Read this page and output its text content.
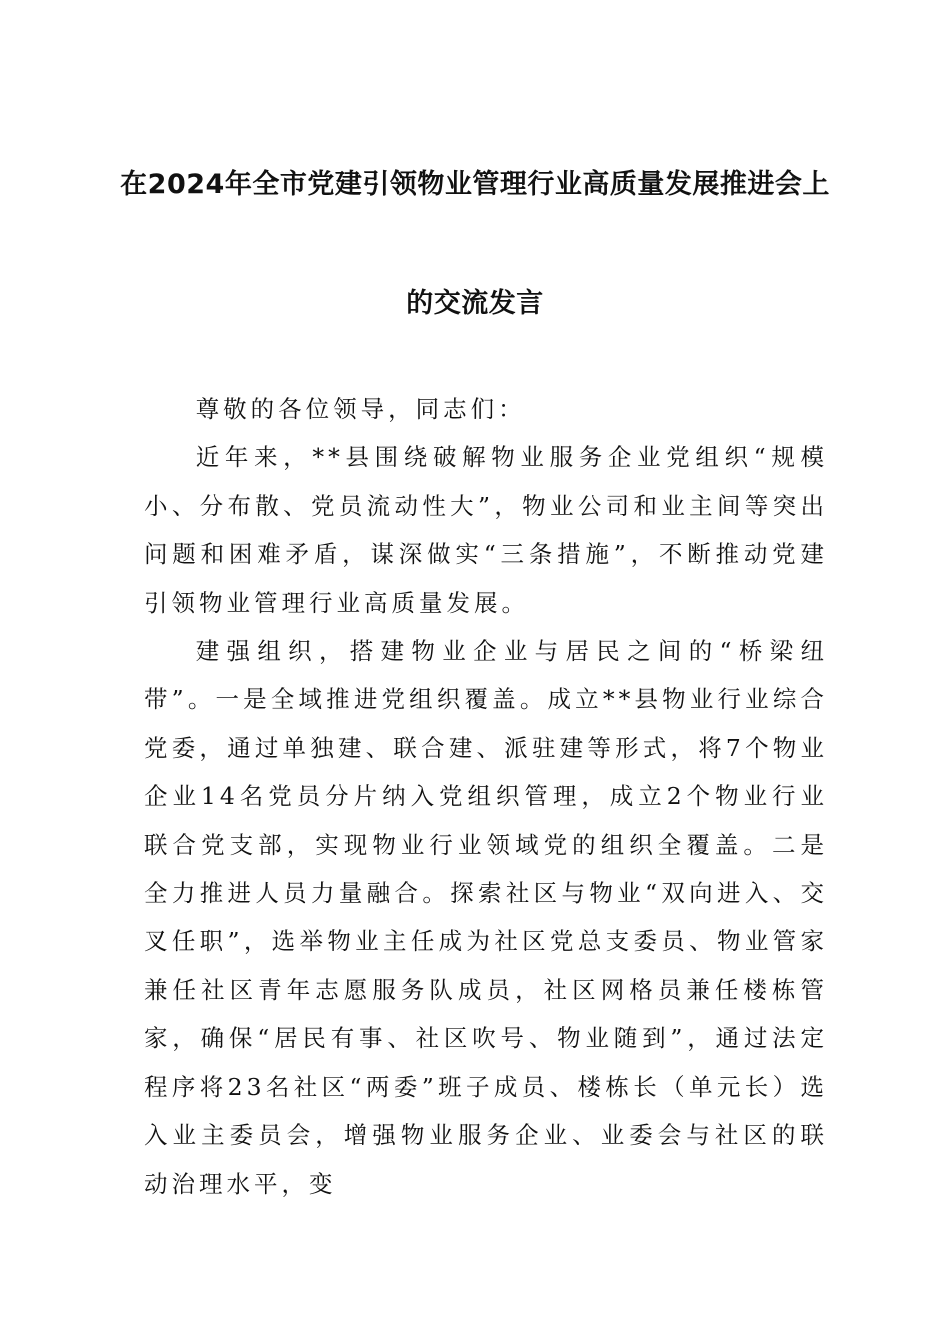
在2024年全市党建引领物业管理行业高质量发展推进会上
的交流发言

尊敬的各位领导，同志们：

近年来，**县围绕破解物业服务企业党组织“规模小、分布散、党员流动性大”，物业公司和业主间等突出问题和困难矛盾，谋深做实“三条措施”，不断推动党建引领物业管理行业高质量发展。

建强组织，搭建物业企业与居民之间的“桥梁纽带”。一是全域推进党组织覆盖。成立**县物业行业综合党委，通过单独建、联合建、派驻建等形式，将7个物业企业14名党员分片纳入党组织管理，成立2个物业行业联合党支部，实现物业行业领域党的组织全覆盖。二是全力推进人员力量融合。探索社区与物业“双向进入、交叉任职”，选举物业主任成为社区党总支委员、物业管家兼任社区青年志愿服务队成员，社区网格员兼任楼栋管家，确保“居民有事、社区吹号、物业随到”，通过法定程序将23名社区“两委”班子成员、楼栋长（单元长）选入业主委员会，增强物业服务企业、业委会与社区的联动治理水平，变
